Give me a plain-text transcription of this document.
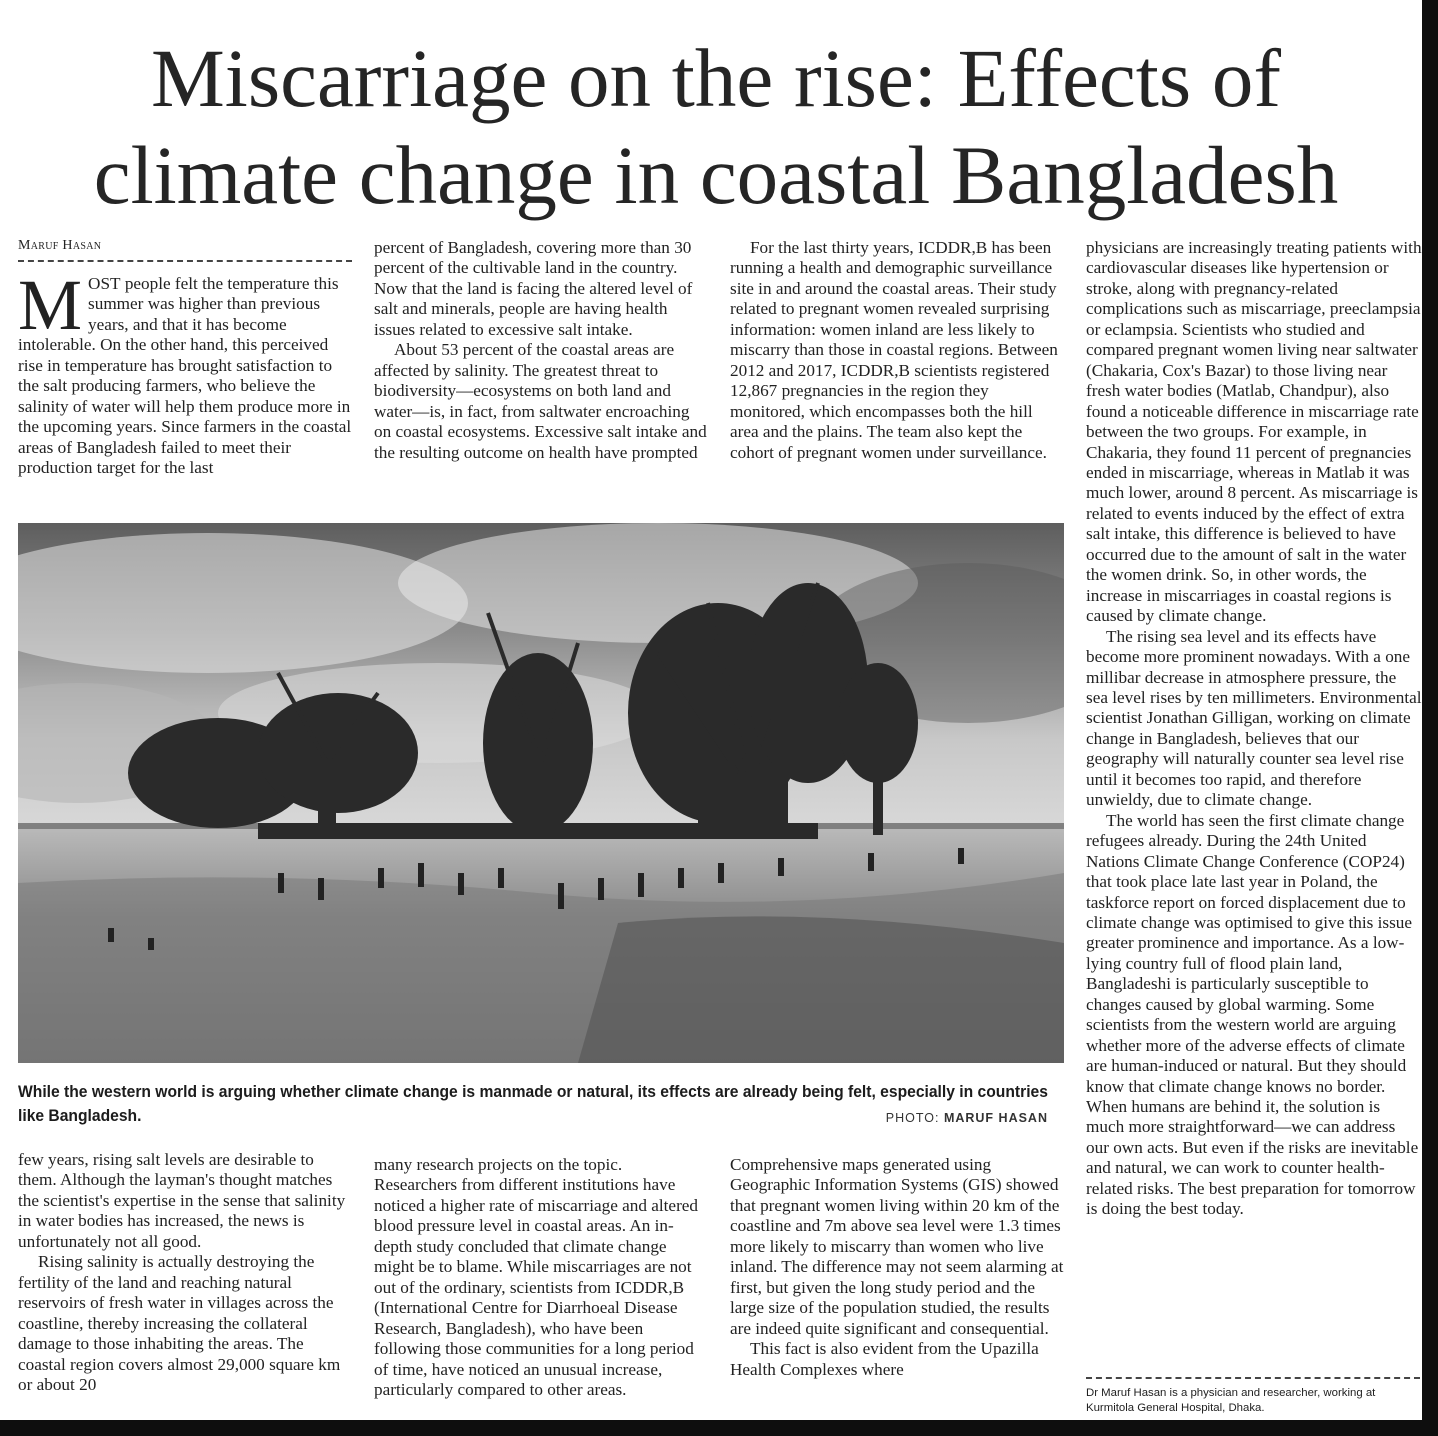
Miscarriage on the rise: Effects of
climate change in coastal Bangladesh
Maruf Hasan

MOST people felt the temperature this summer was higher than previous years, and that it has become intolerable. On the other hand, this perceived rise in temperature has brought satisfaction to the salt producing farmers, who believe the salinity of water will help them produce more in the upcoming years. Since farmers in the coastal areas of Bangladesh failed to meet their production target for the last

percent of Bangladesh, covering more than 30 percent of the cultivable land in the country. Now that the land is facing the altered level of salt and minerals, people are having health issues related to excessive salt intake.

About 53 percent of the coastal areas are affected by salinity. The greatest threat to biodiversity—ecosystems on both land and water—is, in fact, from saltwater encroaching on coastal ecosystems. Excessive salt intake and the resulting outcome on health have prompted

For the last thirty years, ICDDR,B has been running a health and demographic surveillance site in and around the coastal areas. Their study related to pregnant women revealed surprising information: women inland are less likely to miscarry than those in coastal regions. Between 2012 and 2017, ICDDR,B scientists registered 12,867 pregnancies in the region they monitored, which encompasses both the hill area and the plains. The team also kept the cohort of pregnant women under surveillance.

physicians are increasingly treating patients with cardiovascular diseases like hypertension or stroke, along with pregnancy-related complications such as miscarriage, preeclampsia or eclampsia. Scientists who studied and compared pregnant women living near saltwater (Chakaria, Cox's Bazar) to those living near fresh water bodies (Matlab, Chandpur), also found a noticeable difference in miscarriage rate between the two groups. For example, in Chakaria, they found 11 percent of pregnancies ended in miscarriage, whereas in Matlab it was much lower, around 8 percent. As miscarriage is related to events induced by the effect of extra salt intake, this difference is believed to have occurred due to the amount of salt in the water the women drink. So, in other words, the increase in miscarriages in coastal regions is caused by climate change.

The rising sea level and its effects have become more prominent nowadays. With a one millibar decrease in atmosphere pressure, the sea level rises by ten millimeters. Environmental scientist Jonathan Gilligan, working on climate change in Bangladesh, believes that our geography will naturally counter sea level rise until it becomes too rapid, and therefore unwieldy, due to climate change.

The world has seen the first climate change refugees already. During the 24th United Nations Climate Change Conference (COP24) that took place late last year in Poland, the taskforce report on forced displacement due to climate change was optimised to give this issue greater prominence and importance. As a low-lying country full of flood plain land, Bangladeshi is particularly susceptible to changes caused by global warming. Some scientists from the western world are arguing whether more of the adverse effects of climate are human-induced or natural. But they should know that climate change knows no border. When humans are behind it, the solution is much more straightforward—we can address our own acts. But even if the risks are inevitable and natural, we can work to counter health-related risks. The best preparation for tomorrow is doing the best today.

While the western world is arguing whether climate change is manmade or natural, its effects are already being felt, especially in countries like Bangladesh.	PHOTO: MARUF HASAN

few years, rising salt levels are desirable to them. Although the layman's thought matches the scientist's expertise in the sense that salinity in water bodies has increased, the news is unfortunately not all good.

Rising salinity is actually destroying the fertility of the land and reaching natural reservoirs of fresh water in villages across the coastline, thereby increasing the collateral damage to those inhabiting the areas. The coastal region covers almost 29,000 square km or about 20

many research projects on the topic. Researchers from different institutions have noticed a higher rate of miscarriage and altered blood pressure level in coastal areas. An in-depth study concluded that climate change might be to blame. While miscarriages are not out of the ordinary, scientists from ICDDR,B (International Centre for Diarrhoeal Disease Research, Bangladesh), who have been following those communities for a long period of time, have noticed an unusual increase, particularly compared to other areas.

Comprehensive maps generated using Geographic Information Systems (GIS) showed that pregnant women living within 20 km of the coastline and 7m above sea level were 1.3 times more likely to miscarry than women who live inland. The difference may not seem alarming at first, but given the long study period and the large size of the population studied, the results are indeed quite significant and consequential.

This fact is also evident from the Upazilla Health Complexes where

Dr Maruf Hasan is a physician and researcher, working at Kurmitola General Hospital, Dhaka.
